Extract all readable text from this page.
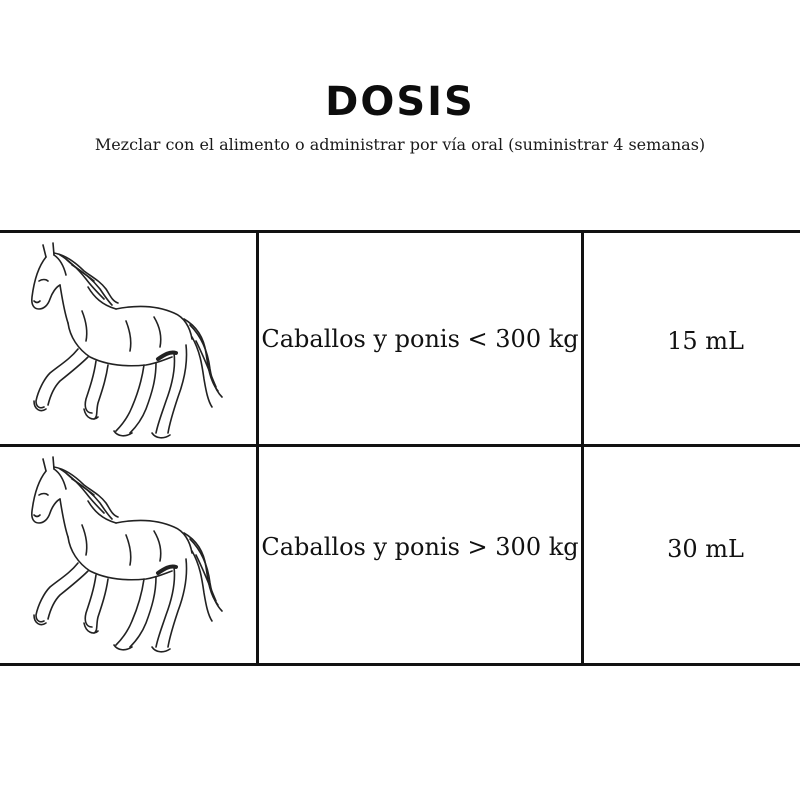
DOSIS
Mezclar con el alimento o administrar por vía oral (suministrar 4 semanas)
Caballos y ponis < 300 kg	15 mL
Caballos y ponis > 300 kg	30 mL
